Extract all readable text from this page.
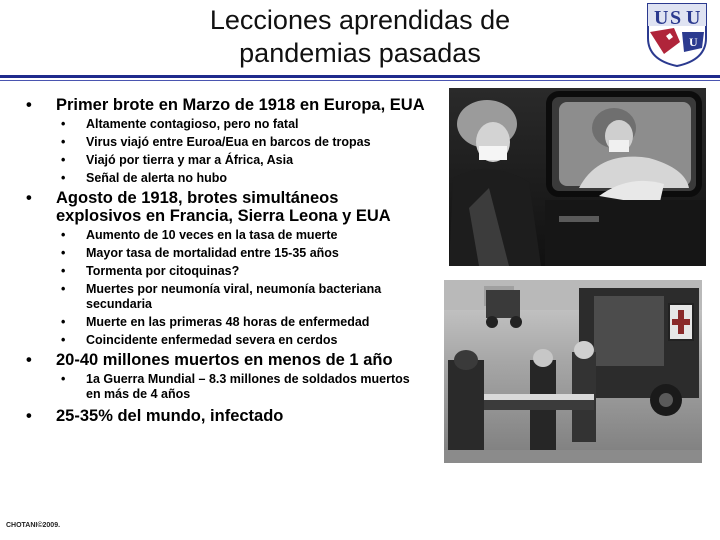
Lecciones aprendidas de
pandemias pasadas
U S U
U
• Primer brote en Marzo de 1918 en Europa, EUA
• Altamente contagioso, pero no fatal
• Virus viajó entre Euroa/Eua en barcos de tropas
• Viajó por tierra y mar a África, Asia
• Señal de alerta no hubo
• Agosto de 1918, brotes simultáneos explosivos en Francia, Sierra Leona y EUA
• Aumento de 10 veces en la tasa de muerte
• Mayor tasa de mortalidad entre 15-35 años
• Tormenta por citoquinas?
• Muertes por neumonía viral, neumonía bacteriana secundaria
• Muerte en las primeras 48 horas de enfermedad
• Coincidente enfermedad severa en cerdos
• 20-40 millones muertos en menos de 1 año
• 1a Guerra Mundial – 8.3 millones de soldados muertos en más de 4 años
• 25-35% del mundo, infectado
CHOTANI©2009.
